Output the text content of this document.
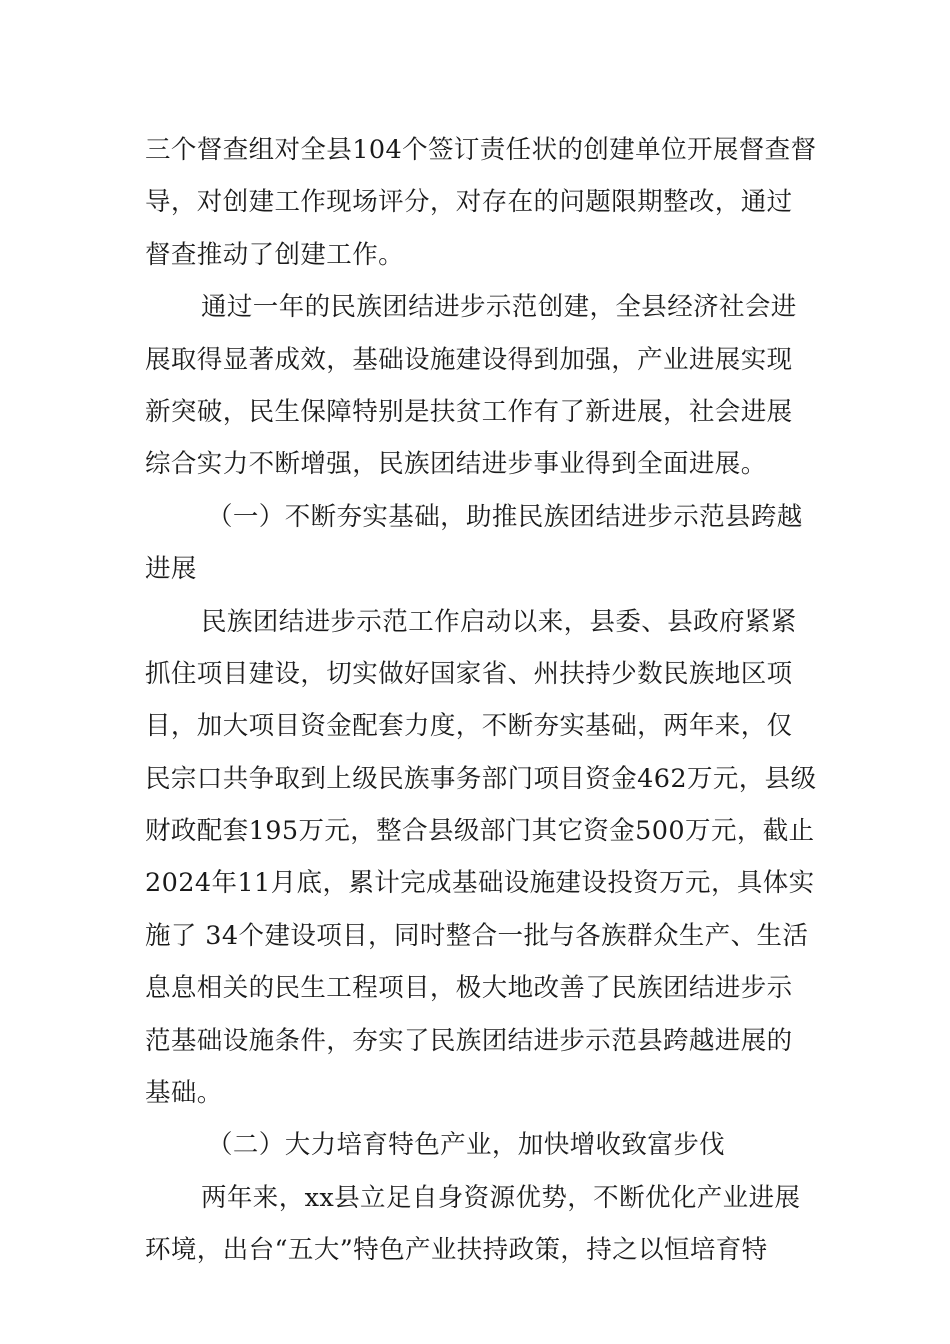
三个督查组对全县104个签订责任状的创建单位开展督查督
导，对创建工作现场评分，对存在的问题限期整改，通过
督查推动了创建工作。
通过一年的民族团结进步示范创建，全县经济社会进
展取得显著成效，基础设施建设得到加强，产业进展实现
新突破，民生保障特别是扶贫工作有了新进展，社会进展
综合实力不断增强，民族团结进步事业得到全面进展。
（一）不断夯实基础，助推民族团结进步示范县跨越
进展
民族团结进步示范工作启动以来，县委、县政府紧紧
抓住项目建设，切实做好国家省、州扶持少数民族地区项
目，加大项目资金配套力度，不断夯实基础，两年来，仅
民宗口共争取到上级民族事务部门项目资金462万元，县级
财政配套195万元，整合县级部门其它资金500万元，截止
2024年11月底，累计完成基础设施建设投资万元，具体实
施了 34个建设项目，同时整合一批与各族群众生产、生活
息息相关的民生工程项目，极大地改善了民族团结进步示
范基础设施条件，夯实了民族团结进步示范县跨越进展的
基础。
（二）大力培育特色产业，加快增收致富步伐
两年来，xx县立足自身资源优势，不断优化产业进展
环境，出台“五大”特色产业扶持政策，持之以恒培育特
